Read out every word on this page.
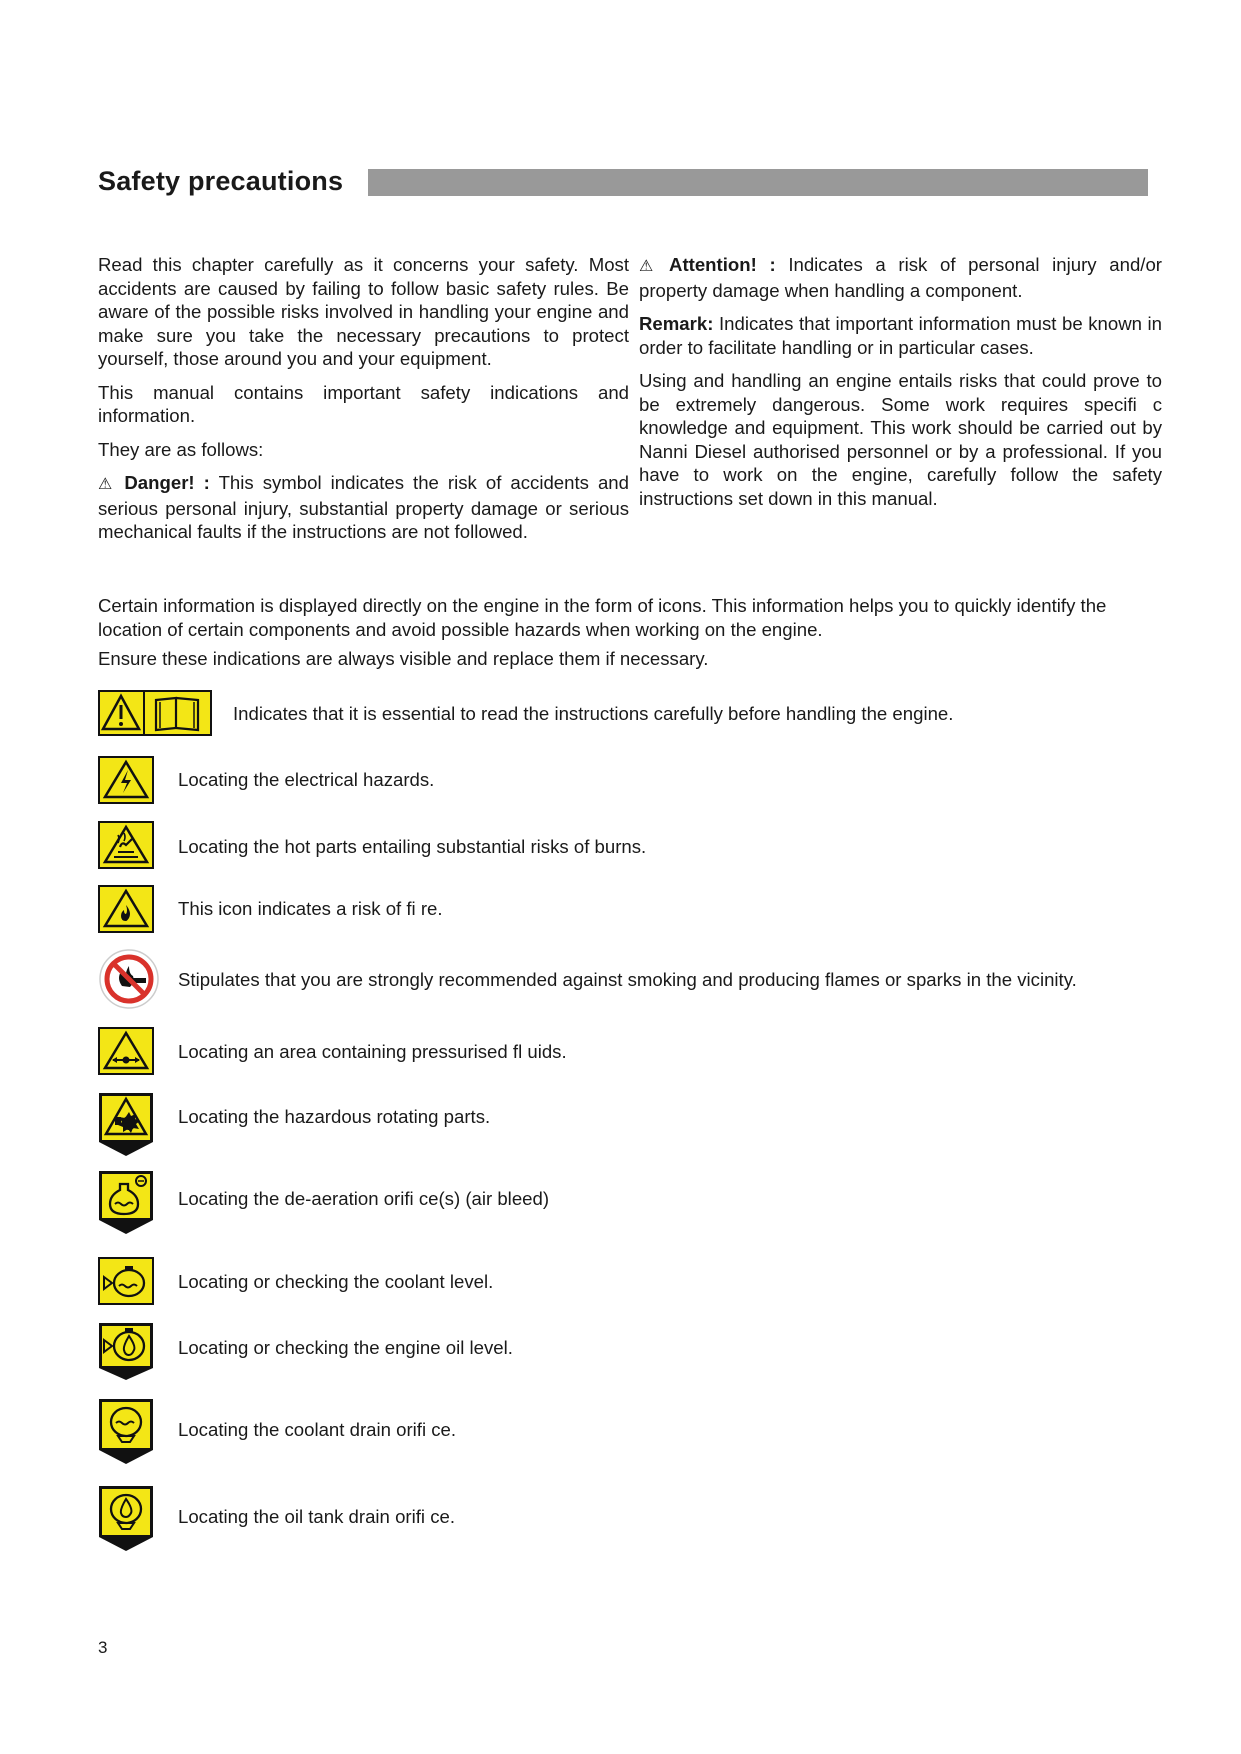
Safety precautions

Read this chapter carefully as it concerns your safety. Most accidents are caused by failing to follow basic safety rules. Be aware of the possible risks involved in handling your engine and make sure you take the necessary precautions to protect yourself, those around you and your equipment.

This manual contains important safety indications and information.

They are as follows:

⚠ Danger! : This symbol indicates the risk of accidents and serious personal injury, substantial property damage or serious mechanical faults if the instructions are not followed.

⚠ Attention! : Indicates a risk of personal injury and/or property damage when handling a component.

Remark: Indicates that important information must be known in order to facilitate handling or in particular cases.

Using and handling an engine entails risks that could prove to be extremely dangerous. Some work requires specifi c knowledge and equipment. This work should be carried out by Nanni Diesel authorised personnel or by a professional. If you have to work on the engine, carefully follow the safety instructions set down in this manual.

Certain information is displayed directly on the engine in the form of icons. This information helps you to quickly identify the location of certain components and avoid possible hazards when working on the engine.

Ensure these indications are always visible and replace them if necessary.

Indicates that it is essential to read the instructions carefully before handling the engine.
Locating the electrical hazards.
Locating the hot parts entailing substantial risks of burns.
This icon indicates a risk of fi re.
Stipulates that you are strongly recommended against smoking and producing flames or sparks in the vicinity.
Locating an area containing pressurised fl uids.
Locating the hazardous rotating parts.
Locating the de-aeration orifi ce(s) (air bleed)
Locating or checking the coolant level.
Locating or checking the engine oil level.
Locating the coolant drain orifi ce.
Locating the oil tank drain orifi ce.
3
